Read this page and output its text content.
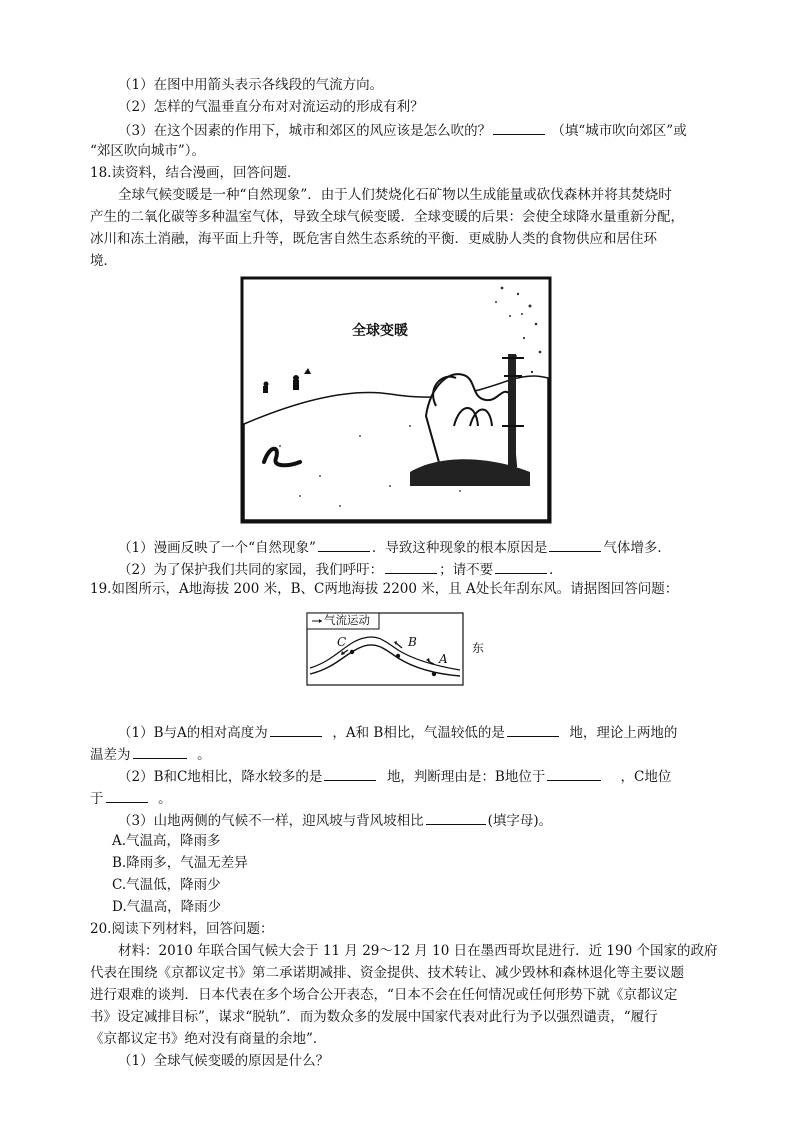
（1）在图中用箭头表示各线段的气流方向。
（2）怎样的气温垂直分布对对流运动的形成有利？
（3）在这个因素的作用下，城市和郊区的风应该是怎么吹的？	（填“城市吹向郊区”或
“郊区吹向城市”）。
18.读资料，结合漫画，回答问题．
全球气候变暖是一种“自然现象”．由于人们焚烧化石矿物以生成能量或砍伐森林并将其焚烧时
产生的二氧化碳等多种温室气体，导致全球气候变暖．全球变暖的后果：会使全球降水量重新分配，
冰川和冻土消融，海平面上升等，既危害自然生态系统的平衡．更威胁人类的食物供应和居住环
境．
全球变暖
（1）漫画反映了一个“自然现象”	．导致这种现象的根本原因是	气体增多．
（2）为了保护我们共同的家园，我们呼吁：	；请不要	．
19.如图所示，A地海拔 200 米，B、C两地海拔 2200 米，且 A处长年刮东风。请据图回答问题：
气流运动
C	B
A
东
（1）B与A的相对高度为	，A和 B相比，气温较低的是	地，理论上两地的
温差为	。
（2）B和C地相比，降水较多的是	地，判断理由是：B地位于	，C地位
于	。
（3）山地两侧的气候不一样，迎风坡与背风坡相比	(填字母)。
A.气温高，降雨多
B.降雨多，气温无差异
C.气温低，降雨少
D.气温高，降雨少
20.阅读下列材料，回答问题：
材料：2010 年联合国气候大会于 11 月 29～12 月 10 日在墨西哥坎昆进行．近 190 个国家的政府
代表在围绕《京都议定书》第二承诺期减排、资金提供、技术转让、减少毁林和森林退化等主要议题
进行艰难的谈判．日本代表在多个场合公开表态，“日本不会在任何情况或任何形势下就《京都议定
书》设定减排目标”，谋求“脱轨”．而为数众多的发展中国家代表对此行为予以强烈谴责，“履行
《京都议定书》绝对没有商量的余地”．
（1）全球气候变暖的原因是什么？
